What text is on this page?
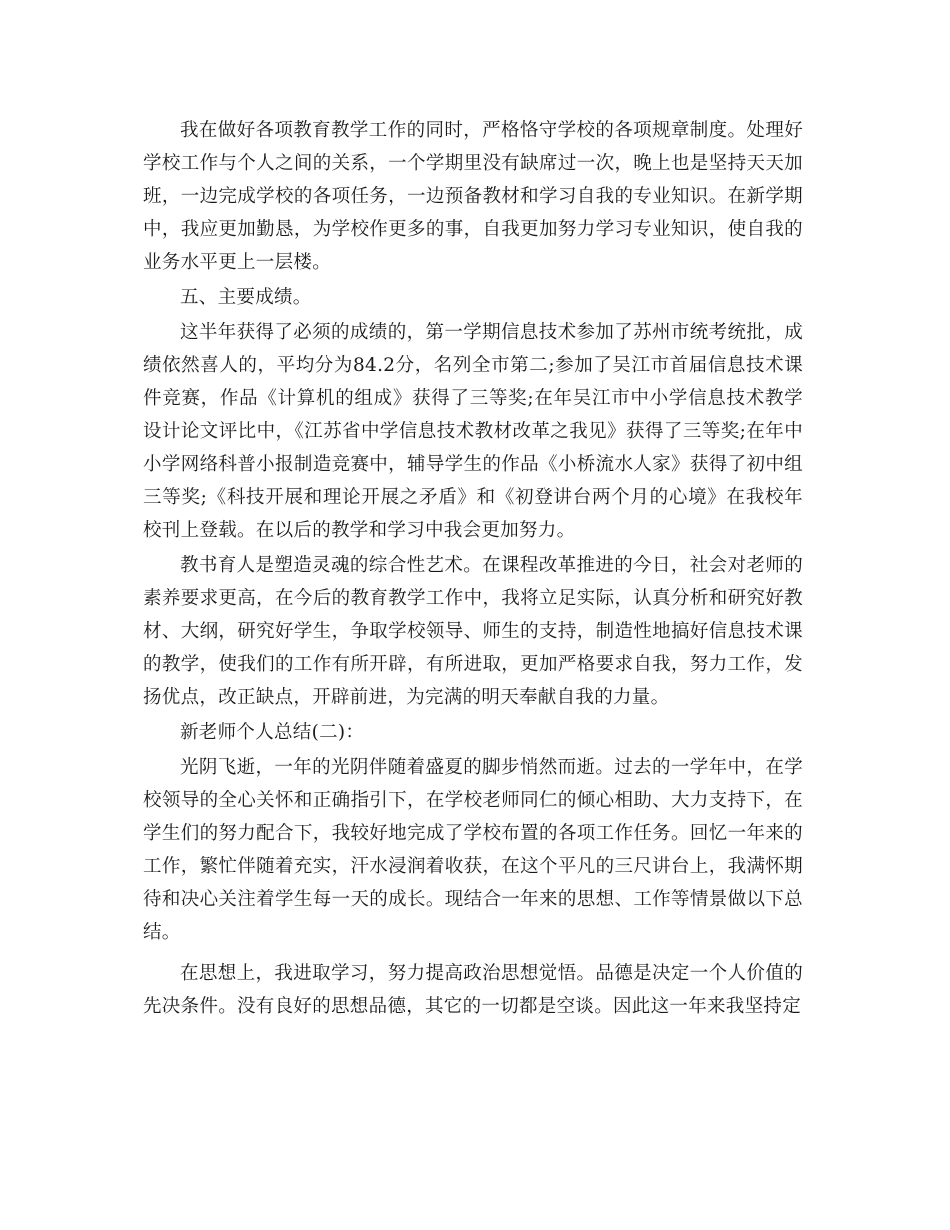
我在做好各项教育教学工作的同时，严格恪守学校的各项规章制度。处理好学校工作与个人之间的关系，一个学期里没有缺席过一次，晚上也是坚持天天加班，一边完成学校的各项任务，一边预备教材和学习自我的专业知识。在新学期中，我应更加勤恳，为学校作更多的事，自我更加努力学习专业知识，使自我的业务水平更上一层楼。

五、主要成绩。

这半年获得了必须的成绩的，第一学期信息技术参加了苏州市统考统批，成绩依然喜人的，平均分为84.2分，名列全市第二;参加了吴江市首届信息技术课件竞赛，作品《计算机的组成》获得了三等奖;在年吴江市中小学信息技术教学设计论文评比中，《江苏省中学信息技术教材改革之我见》获得了三等奖;在年中小学网络科普小报制造竞赛中，辅导学生的作品《小桥流水人家》获得了初中组三等奖;《科技开展和理论开展之矛盾》和《初登讲台两个月的心境》在我校年校刊上登载。在以后的教学和学习中我会更加努力。

教书育人是塑造灵魂的综合性艺术。在课程改革推进的今日，社会对老师的素养要求更高，在今后的教育教学工作中，我将立足实际，认真分析和研究好教材、大纲，研究好学生，争取学校领导、师生的支持，制造性地搞好信息技术课的教学，使我们的工作有所开辟，有所进取，更加严格要求自我，努力工作，发扬优点，改正缺点，开辟前进，为完满的明天奉献自我的力量。

新老师个人总结(二)：

光阴飞逝，一年的光阴伴随着盛夏的脚步悄然而逝。过去的一学年中，在学校领导的全心关怀和正确指引下，在学校老师同仁的倾心相助、大力支持下，在学生们的努力配合下，我较好地完成了学校布置的各项工作任务。回忆一年来的工作，繁忙伴随着充实，汗水浸润着收获，在这个平凡的三尺讲台上，我满怀期待和决心关注着学生每一天的成长。现结合一年来的思想、工作等情景做以下总结。

在思想上，我进取学习，努力提高政治思想觉悟。品德是决定一个人价值的先决条件。没有良好的思想品德，其它的一切都是空谈。因此这一年来我坚持定
